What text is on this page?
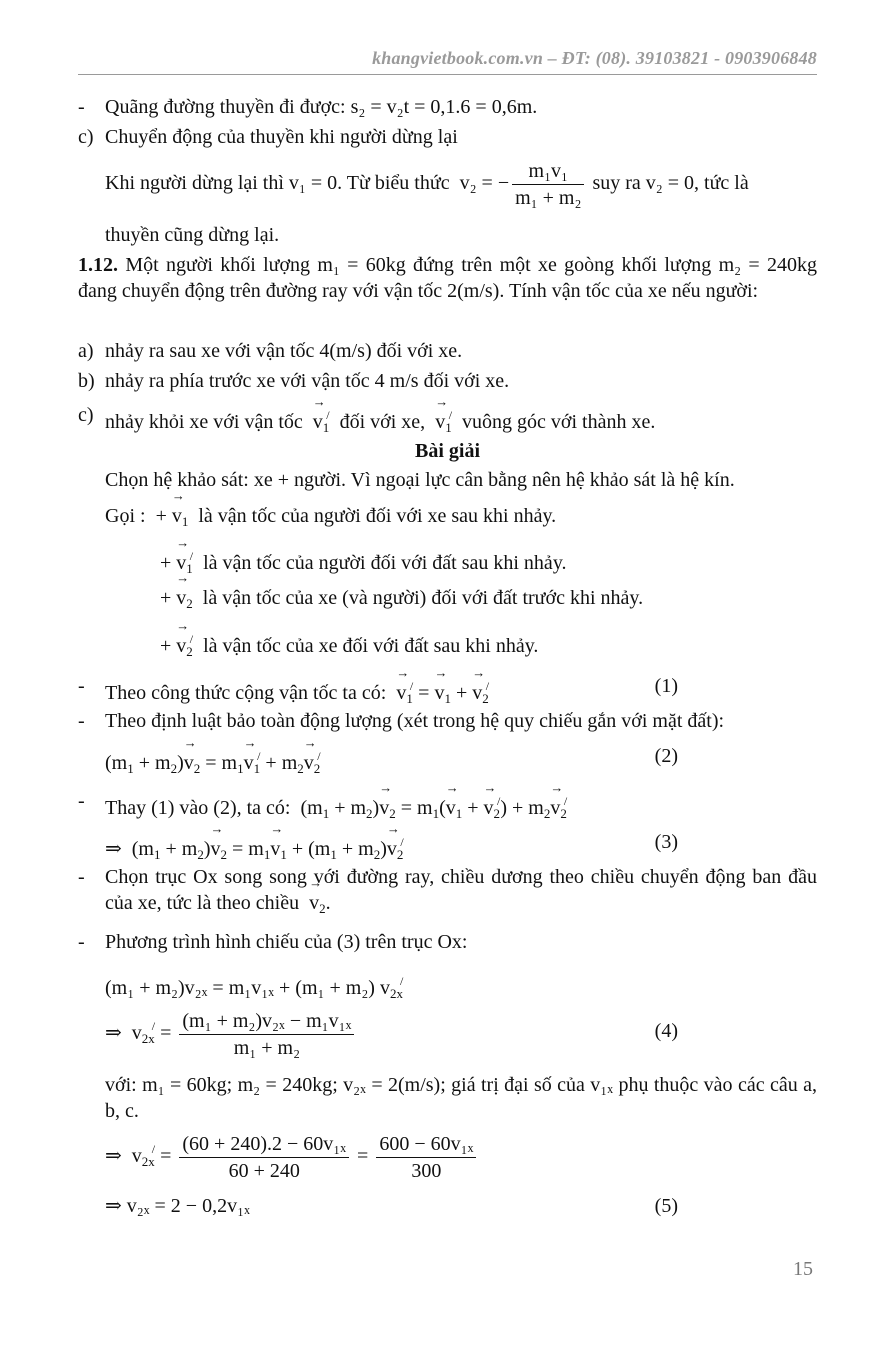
khangvietbook.com.vn – ĐT: (08). 39103821 - 0903906848
- Quãng đường thuyền đi được: s₂ = v₂t = 0,1.6 = 0,6m.
c) Chuyển động của thuyền khi người dừng lại
Khi người dừng lại thì v₁ = 0. Từ biểu thức v₂ = − $\frac{\text{m₁v₁}}{\text{m₁ + m₂}}$ suy ra v₂ = 0, tức là
thuyền cũng dừng lại.
1.12. Một người khối lượng m₁ = 60kg đứng trên một xe goòng khối lượng m₂ = 240kg đang chuyển động trên đường ray với vận tốc 2(m/s). Tính vận tốc của xe nếu người:
a) nhảy ra sau xe với vận tốc 4(m/s) đối với xe.
b) nhảy ra phía trước xe với vận tốc 4 m/s đối với xe.
c) nhảy khỏi xe với vận tốc → $v_1^/$ đối với xe, → $v_1^/$ vuông góc với thành xe.
Bài giải
Chọn hệ khảo sát: xe + người. Vì ngoại lực cân bằng nên hệ khảo sát là hệ kín.
Gọi :  + → $v_1$ là vận tốc của người đối với xe sau khi nhảy.
+ → $v_1^/$ là vận tốc của người đối với đất sau khi nhảy.
+ → $v_2$ là vận tốc của xe (và người) đối với đất trước khi nhảy.
+ → $v_2^/$ là vận tốc của xe đối với đất sau khi nhảy.
- Theo công thức cộng vận tốc ta có: → $v_1^/$ = → $v_1$ + → $v_2^/$	(1)
- Theo định luật bảo toàn động lượng (xét trong hệ quy chiếu gắn với mặt đất):
$(m_1 + m_2)\to v_2 = m_1\to v_1^/ + m_2\to v_2^/$	(2)
- Thay (1) vào (2), ta có:  $(m_1 + m_2)\to v_2 = m_1(\to v_1$ + → $v_2^/) + m_2\to v_2^/$
⇒  $(m_1 + m_2)\to v_2 = m_1\to v_1 + (m_1 + m_2)\to v_2^/$	(3)
- Chọn trục Ox song song với đường ray, chiều dương theo chiều chuyển động ban đầu của xe, tức là theo chiều → $v_2$.
- Phương trình hình chiếu của (3) trên trục Ox:
(m₁ + m₂)v₂ₓ = m₁v₁ₓ + (m₁ + m₂) $v_{2x}^/$
⇒  $v_{2x}^/ = \frac{\text{(m₁ + m₂)v₂ₓ − m₁v₁ₓ}}{\text{m₁ + m₂}}$	(4)
với: m₁ = 60kg; m₂ = 240kg; v₂ₓ = 2(m/s); giá trị đại số của v₁ₓ phụ thuộc vào các câu a, b, c.
⇒  $v_{2x}^/ = \frac{\text{(60 + 240).2 − 60v₁ₓ}}{60 + 240} = \frac{\text{600 − 60v₁ₓ}}{300}$
⇒ v₂ₓ = 2 − 0,2v₁ₓ	(5)
15
